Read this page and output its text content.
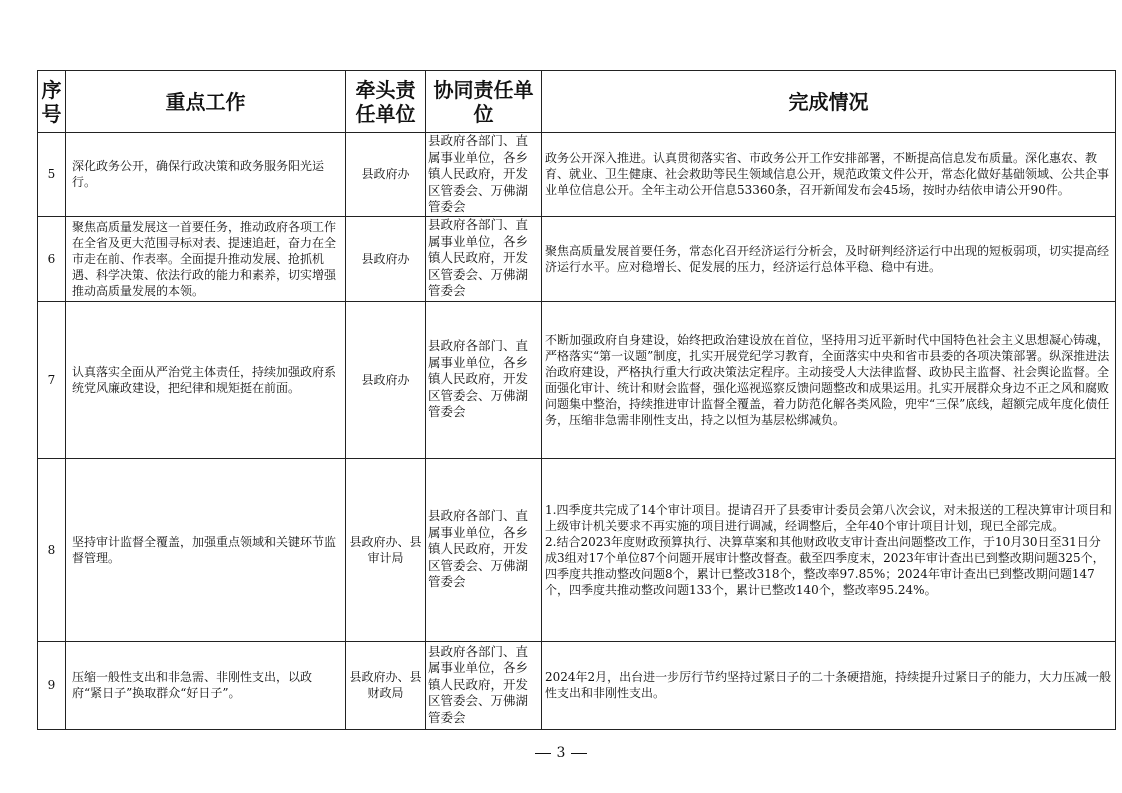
序号	重点工作	牵头责任单位	协同责任单位	完成情况
5	深化政务公开，确保行政决策和政务服务阳光运行。	县政府办	县政府各部门、直属事业单位，各乡镇人民政府，开发区管委会、万佛湖管委会	政务公开深入推进。认真贯彻落实省、市政务公开工作安排部署，不断提高信息发布质量。深化惠农、教育、就业、卫生健康、社会救助等民生领域信息公开，规范政策文件公开，常态化做好基础领域、公共企事业单位信息公开。全年主动公开信息53360条，召开新闻发布会45场，按时办结依申请公开90件。

6	聚焦高质量发展这一首要任务，推动政府各项工作在全省及更大范围寻标对表、提速追赶，奋力在全市走在前、作表率。全面提升推动发展、抢抓机遇、科学决策、依法行政的能力和素养，切实增强推动高质量发展的本领。	县政府办	县政府各部门、直属事业单位，各乡镇人民政府，开发区管委会、万佛湖管委会	聚焦高质量发展首要任务，常态化召开经济运行分析会，及时研判经济运行中出现的短板弱项，切实提高经济运行水平。应对稳增长、促发展的压力，经济运行总体平稳、稳中有进。

7	认真落实全面从严治党主体责任，持续加强政府系统党风廉政建设，把纪律和规矩挺在前面。	县政府办	县政府各部门、直属事业单位，各乡镇人民政府，开发区管委会、万佛湖管委会	不断加强政府自身建设，始终把政治建设放在首位，坚持用习近平新时代中国特色社会主义思想凝心铸魂，严格落实“第一议题”制度，扎实开展党纪学习教育，全面落实中央和省市县委的各项决策部署。纵深推进法治政府建设，严格执行重大行政决策法定程序。主动接受人大法律监督、政协民主监督、社会舆论监督。全面强化审计、统计和财会监督，强化巡视巡察反馈问题整改和成果运用。扎实开展群众身边不正之风和腐败问题集中整治，持续推进审计监督全覆盖，着力防范化解各类风险，兜牢“三保”底线，超额完成年度化债任务，压缩非急需非刚性支出，持之以恒为基层松绑减负。

8	坚持审计监督全覆盖，加强重点领域和关键环节监督管理。	县政府办、县审计局	县政府各部门、直属事业单位，各乡镇人民政府，开发区管委会、万佛湖管委会	1.四季度共完成了14个审计项目。提请召开了县委审计委员会第八次会议，对未报送的工程决算审计项目和上级审计机关要求不再实施的项目进行调减，经调整后，全年40个审计项目计划，现已全部完成。
2.结合2023年度财政预算执行、决算草案和其他财政收支审计查出问题整改工作，于10月30日至31日分成3组对17个单位87个问题开展审计整改督查。截至四季度末，2023年审计查出已到整改期问题325个，四季度共推动整改问题8个，累计已整改318个，整改率97.85%；2024年审计查出已到整改期问题147个，四季度共推动整改问题133个，累计已整改140个，整改率95.24%。

9	压缩一般性支出和非急需、非刚性支出，以政府“紧日子”换取群众“好日子”。	县政府办、县财政局	县政府各部门、直属事业单位，各乡镇人民政府，开发区管委会、万佛湖管委会	2024年2月，出台进一步厉行节约坚持过紧日子的二十条硬措施，持续提升过紧日子的能力，大力压减一般性支出和非刚性支出。
3
